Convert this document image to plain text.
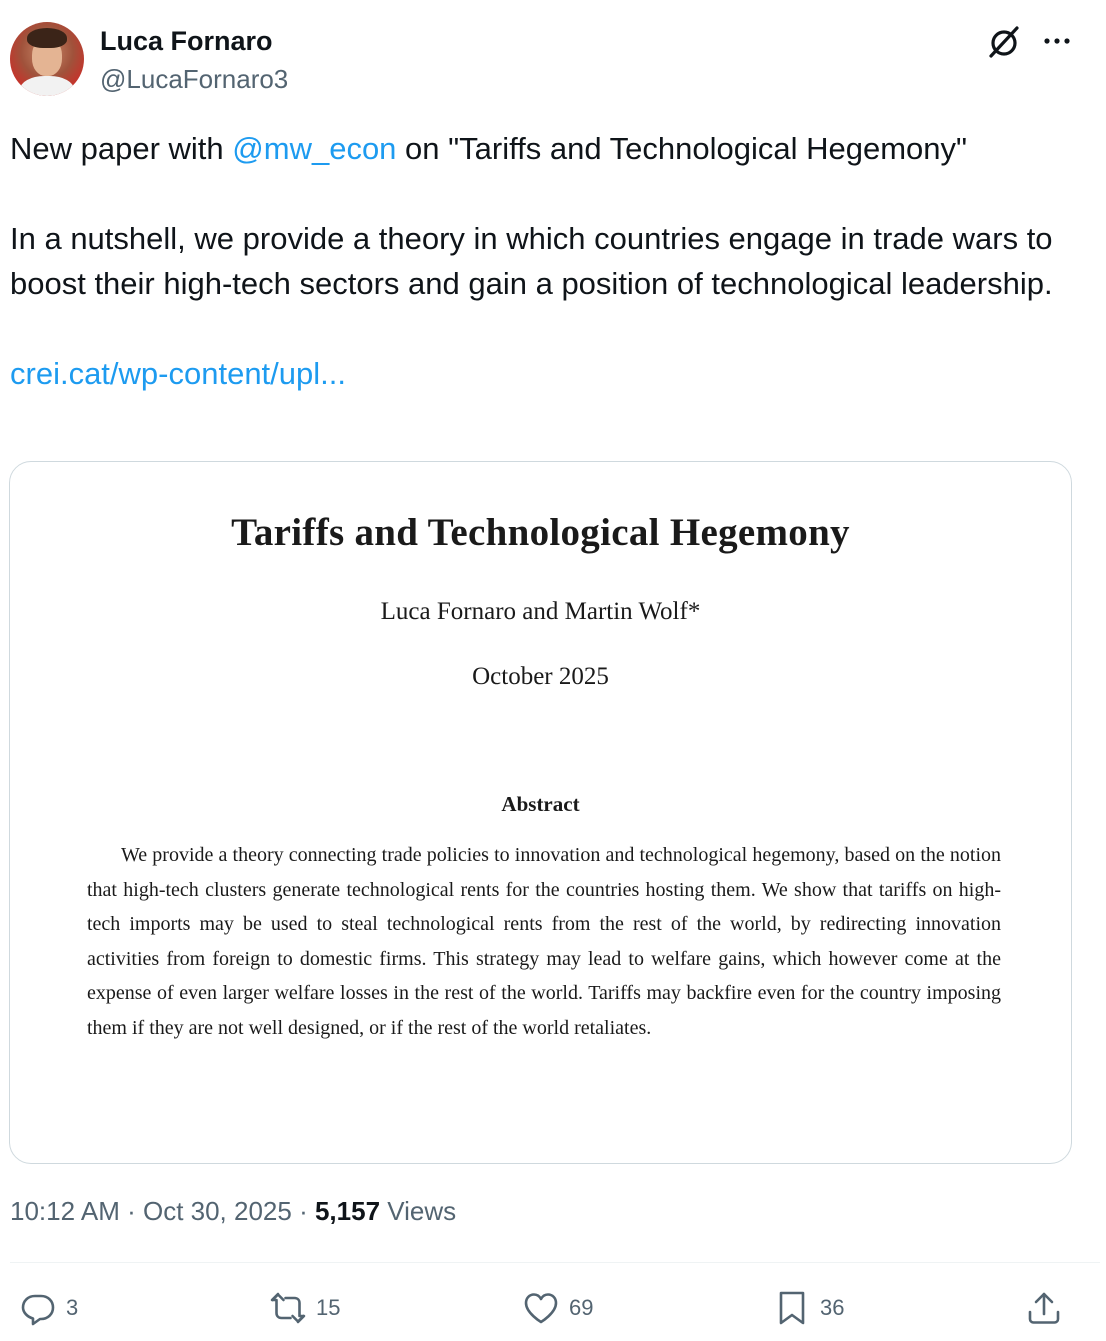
Luca Fornaro
@LucaFornaro3

New paper with @mw_econ on "Tariffs and Technological Hegemony"

In a nutshell, we provide a theory in which countries engage in trade wars to boost their high-tech sectors and gain a position of technological leadership.

crei.cat/wp-content/upl...

Tariffs and Technological Hegemony
Luca Fornaro and Martin Wolf*
October 2025
Abstract
We provide a theory connecting trade policies to innovation and technological hegemony, based on the notion that high-tech clusters generate technological rents for the countries hosting them. We show that tariffs on high-tech imports may be used to steal technological rents from the rest of the world, by redirecting innovation activities from foreign to domestic firms. This strategy may lead to welfare gains, which however come at the expense of even larger welfare losses in the rest of the world. Tariffs may backfire even for the country imposing them if they are not well designed, or if the rest of the world retaliates.
10:12 AM · Oct 30, 2025 · 5,157 Views
3	15	69	36
